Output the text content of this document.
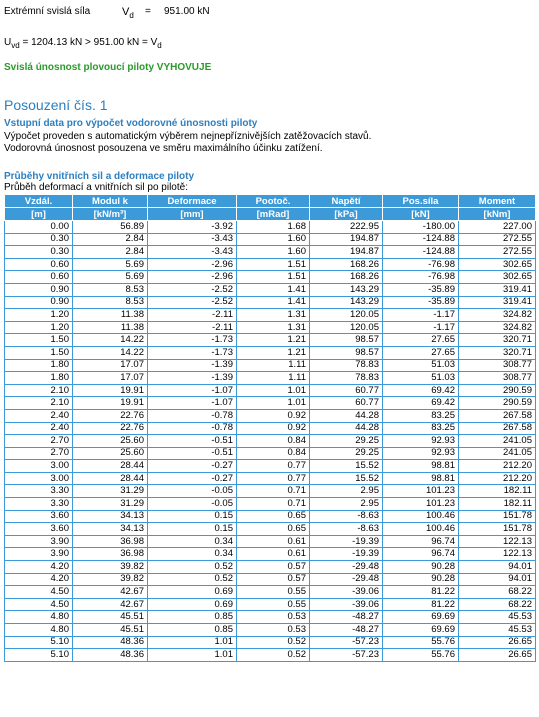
Extrémní svislá síla	$V_d = 951.00$ kN
$U_{vd} = 1204.13$ kN > 951.00 kN = $V_d$
Svislá únosnost plovoucí piloty VYHOVUJE
Posouzení čís. 1
Vstupní data pro výpočet vodorovné únosnosti piloty
Výpočet proveden s automatickým výběrem nejnepříznivějších zatěžovacích stavů.
Vodorovná únosnost posouzena ve směru maximálního účinku zatížení.
Průběhy vnitřních sil a deformace piloty
Průběh deformací a vnitřních sil po pilotě:
Vzdál.	Modul k	Deformace	Pootoč.	Napětí	Pos.síla	Moment
[m]	[kN/m³]	[mm]	[mRad]	[kPa]	[kN]	[kNm]
0.00	56.89	-3.92	1.68	222.95	-180.00	227.00
0.30	2.84	-3.43	1.60	194.87	-124.88	272.55
0.30	2.84	-3.43	1.60	194.87	-124.88	272.55
0.60	5.69	-2.96	1.51	168.26	-76.98	302.65
0.60	5.69	-2.96	1.51	168.26	-76.98	302.65
0.90	8.53	-2.52	1.41	143.29	-35.89	319.41
0.90	8.53	-2.52	1.41	143.29	-35.89	319.41
1.20	11.38	-2.11	1.31	120.05	-1.17	324.82
1.20	11.38	-2.11	1.31	120.05	-1.17	324.82
1.50	14.22	-1.73	1.21	98.57	27.65	320.71
1.50	14.22	-1.73	1.21	98.57	27.65	320.71
1.80	17.07	-1.39	1.11	78.83	51.03	308.77
1.80	17.07	-1.39	1.11	78.83	51.03	308.77
2.10	19.91	-1.07	1.01	60.77	69.42	290.59
2.10	19.91	-1.07	1.01	60.77	69.42	290.59
2.40	22.76	-0.78	0.92	44.28	83.25	267.58
2.40	22.76	-0.78	0.92	44.28	83.25	267.58
2.70	25.60	-0.51	0.84	29.25	92.93	241.05
2.70	25.60	-0.51	0.84	29.25	92.93	241.05
3.00	28.44	-0.27	0.77	15.52	98.81	212.20
3.00	28.44	-0.27	0.77	15.52	98.81	212.20
3.30	31.29	-0.05	0.71	2.95	101.23	182.11
3.30	31.29	-0.05	0.71	2.95	101.23	182.11
3.60	34.13	0.15	0.65	-8.63	100.46	151.78
3.60	34.13	0.15	0.65	-8.63	100.46	151.78
3.90	36.98	0.34	0.61	-19.39	96.74	122.13
3.90	36.98	0.34	0.61	-19.39	96.74	122.13
4.20	39.82	0.52	0.57	-29.48	90.28	94.01
4.20	39.82	0.52	0.57	-29.48	90.28	94.01
4.50	42.67	0.69	0.55	-39.06	81.22	68.22
4.50	42.67	0.69	0.55	-39.06	81.22	68.22
4.80	45.51	0.85	0.53	-48.27	69.69	45.53
4.80	45.51	0.85	0.53	-48.27	69.69	45.53
5.10	48.36	1.01	0.52	-57.23	55.76	26.65
5.10	48.36	1.01	0.52	-57.23	55.76	26.65
